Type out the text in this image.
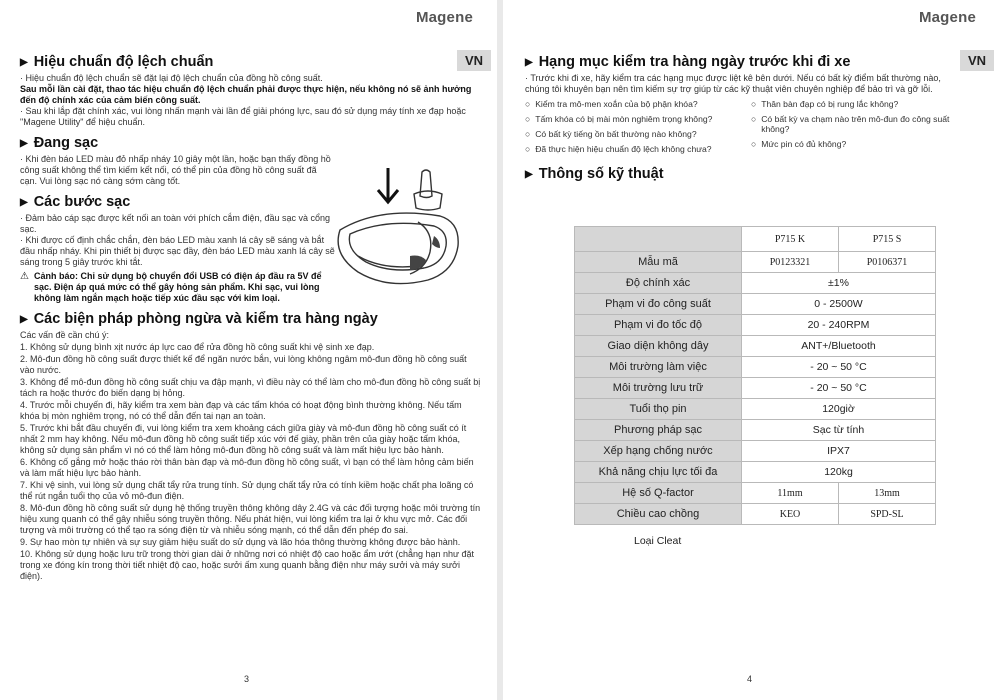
Magene
VN
▶ Hiệu chuẩn độ lệch chuẩn

· Hiệu chuẩn độ lệch chuẩn sẽ đặt lại độ lệch chuẩn của đồng hồ công suất.

Sau mỗi lần cài đặt, thao tác hiệu chuẩn độ lệch chuẩn phải được thực hiện, nếu không nó sẽ ảnh hưởng đến độ chính xác của cảm biến công suất.

· Sau khi lắp đặt chính xác, vui lòng nhấn mạnh vài lần để giải phóng lực, sau đó sử dụng máy tính xe đạp hoặc "Magene Utility" để hiệu chuẩn.

▶ Đang sạc

· Khi đèn báo LED màu đỏ nhấp nháy 10 giây một lần, hoặc bạn thấy đồng hồ công suất không thể tìm kiếm kết nối, có thể pin của đồng hồ công suất đã cạn. Vui lòng sạc nó càng sớm càng tốt.

▶ Các bước sạc

· Đảm bảo cáp sạc được kết nối an toàn với phích cắm điện, đầu sạc và cổng sạc.

· Khi được cố định chắc chắn, đèn báo LED màu xanh lá cây sẽ sáng và bắt đầu nhấp nháy. Khi pin thiết bị được sạc đầy, đèn báo LED màu xanh lá cây sẽ sáng trong 5 giây trước khi tắt.

⚠ Cảnh báo: Chỉ sử dụng bộ chuyển đổi USB có điện áp đầu ra 5V để sạc. Điện áp quá mức có thể gây hỏng sản phẩm. Khi sạc, vui lòng không làm ngắn mạch hoặc tiếp xúc đầu sạc với kim loại.

▶ Các biện pháp phòng ngừa và kiểm tra hàng ngày

Các vấn đề cần chú ý:

1. Không sử dụng bình xịt nước áp lực cao để rửa đồng hồ công suất khi vệ sinh xe đạp.

2. Mô-đun đồng hồ công suất được thiết kế để ngăn nước bắn, vui lòng không ngâm mô-đun đồng hồ công suất vào nước.

3. Không để mô-đun đồng hồ công suất chịu va đập mạnh, vì điều này có thể làm cho mô-đun đồng hồ công suất bị tách ra hoặc thước đo biến dạng bị hỏng.

4. Trước mỗi chuyến đi, hãy kiểm tra xem bàn đạp và các tấm khóa có hoạt động bình thường không. Nếu tấm khóa bị mòn nghiêm trọng, nó có thể dẫn đến tai nạn an toàn.

5. Trước khi bắt đầu chuyến đi, vui lòng kiểm tra xem khoảng cách giữa giày và mô-đun đồng hồ công suất có ít nhất 2 mm hay không. Nếu mô-đun đồng hồ công suất tiếp xúc với đế giày, phần trên của giày hoặc tấm khóa, không sử dụng sản phẩm vì nó có thể làm hỏng mô-đun đồng hồ công suất và làm mất hiệu lực bảo hành.

6. Không cố gắng mở hoặc tháo rời thân bàn đạp và mô-đun đồng hồ công suất, vì bạn có thể làm hỏng cảm biến và làm mất hiệu lực bảo hành.

7. Khi vệ sinh, vui lòng sử dụng chất tẩy rửa trung tính. Sử dụng chất tẩy rửa có tính kiềm hoặc chất pha loãng có thể rút ngắn tuổi thọ của vỏ mô-đun điện.

8. Mô-đun đồng hồ công suất sử dụng hệ thống truyền thông không dây 2.4G và các đối tượng hoặc môi trường tín hiệu xung quanh có thể gây nhiễu sóng truyền thông. Nếu phát hiện, vui lòng kiểm tra lại ở khu vực mở. Các đối tượng và môi trường có thể tạo ra sóng điện từ và nhiễu sóng mạnh, có thể dẫn đến phép đo sai.

9. Sự hao mòn tự nhiên và sự suy giảm hiệu suất do sử dụng và lão hóa thông thường không được bảo hành.

10. Không sử dụng hoặc lưu trữ trong thời gian dài ở những nơi có nhiệt độ cao hoặc ẩm ướt (chẳng hạn như đặt trong xe đóng kín trong thời tiết nhiệt độ cao, hoặc sưởi ấm xung quanh bằng điện như máy sưởi và máy sưởi điện).

3
Magene
VN
▶ Hạng mục kiểm tra hàng ngày trước khi đi xe

· Trước khi đi xe, hãy kiểm tra các hạng mục được liệt kê bên dưới. Nếu có bất kỳ điểm bất thường nào, chúng tôi khuyên bạn nên tìm kiếm sự trợ giúp từ các kỹ thuật viên chuyên nghiệp để bảo trì và gỡ lỗi.

○ Kiểm tra mô-men xoắn của bộ phận khóa?
○ Tấm khóa có bị mài mòn nghiêm trọng không?
○ Có bất kỳ tiếng ồn bất thường nào không?
○ Đã thực hiện hiệu chuẩn độ lệch không chưa?
○ Thân bàn đạp có bị rung lắc không?
○ Có bất kỳ va chạm nào trên mô-đun đo công suất không?
○ Mức pin có đủ không?
▶ Thông số kỹ thuật
	P715 K	P715 S
Mẫu mã	P0123321	P0106371
Độ chính xác	±1%	
Phạm vi đo công suất	0 - 2500W	
Phạm vi đo tốc độ	20 - 240RPM	
Giao diện không dây	ANT+/Bluetooth	
Môi trường làm việc	- 20 ~ 50 °C	
Môi trường lưu trữ	- 20 ~ 50 °C	
Tuổi thọ pin	120giờ	
Phương pháp sạc	Sạc từ tính	
Xếp hạng chống nước	IPX7	
Khả năng chịu lực tối đa	120kg	
Hệ số Q-factor	11mm	13mm
Chiều cao chồng	KEO	SPD-SL
Loại Cleat
4
